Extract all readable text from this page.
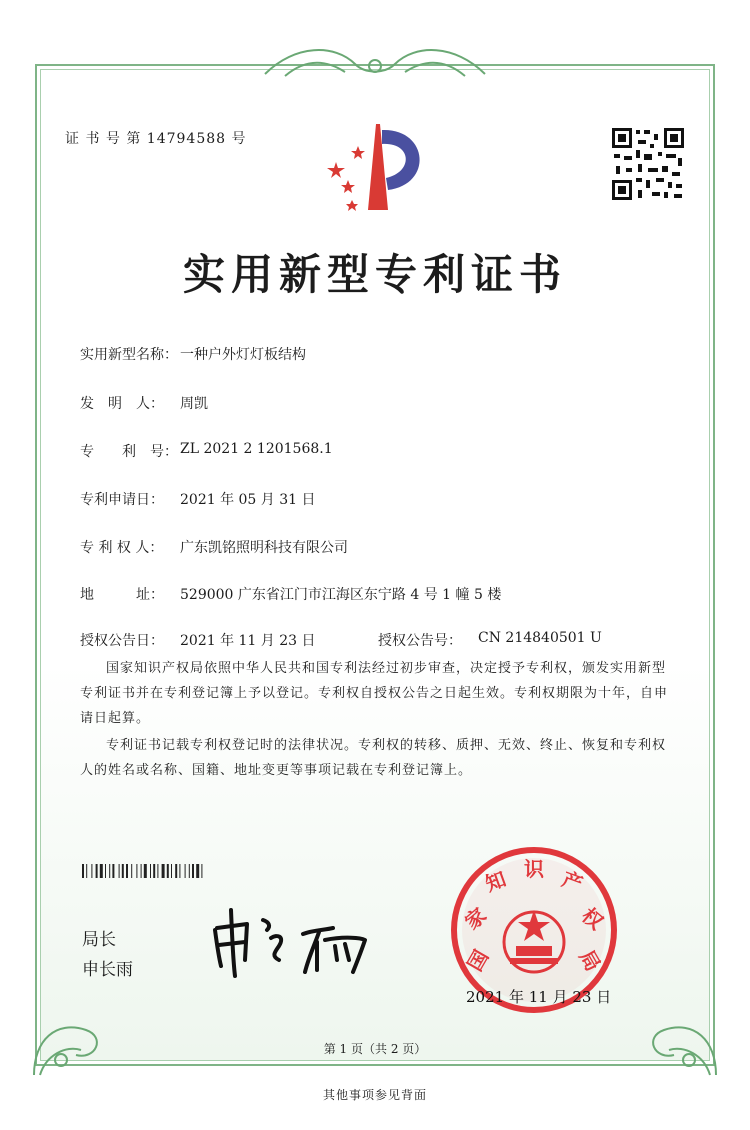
证 书 号 第 14794588 号
实用新型专利证书
实用新型名称： 一种户外灯灯板结构
发　明　人： 周凯
专　　利　号： ZL 2021 2 1201568.1
专利申请日： 2021 年 05 月 31 日
专 利 权 人： 广东凯铭照明科技有限公司
地　　　址： 529000 广东省江门市江海区东宁路 4 号 1 幢 5 楼
授权公告日： 2021 年 11 月 23 日	授权公告号： CN 214840501 U
国家知识产权局依照中华人民共和国专利法经过初步审查，决定授予专利权，颁发实用新型专利证书并在专利登记簿上予以登记。专利权自授权公告之日起生效。专利权期限为十年，自申请日起算。
专利证书记载专利权登记时的法律状况。专利权的转移、质押、无效、终止、恢复和专利权人的姓名或名称、国籍、地址变更等事项记载在专利登记簿上。
局长
申长雨	国
家
知 识 产
权
局
2021 年 11 月 23 日
第 1 页（共 2 页）
其他事项参见背面
